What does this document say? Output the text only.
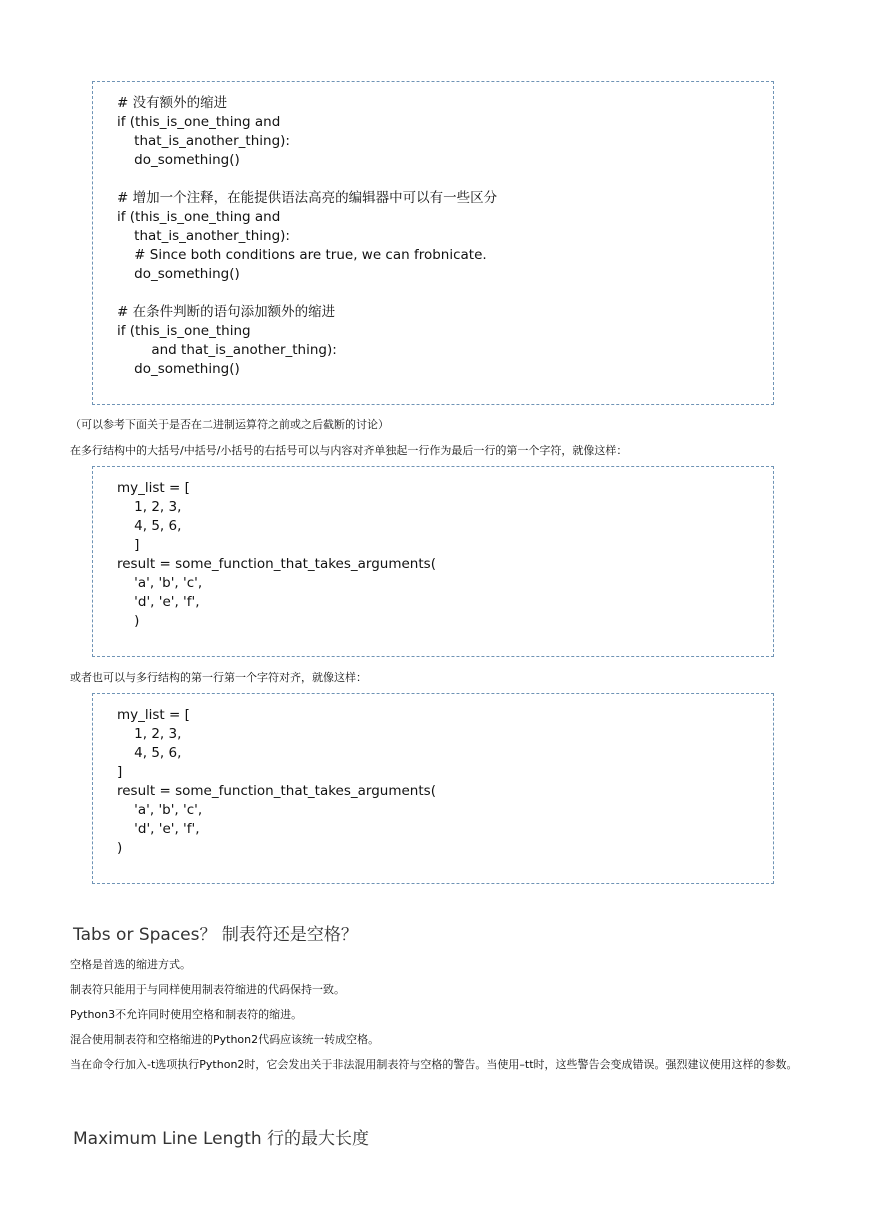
# 没有额外的缩进
if (this_is_one_thing and
that_is_another_thing):
do_something()
# 增加一个注释，在能提供语法高亮的编辑器中可以有一些区分
if (this_is_one_thing and
that_is_another_thing):
# Since both conditions are true, we can frobnicate.
do_something()
# 在条件判断的语句添加额外的缩进
if (this_is_one_thing
and that_is_another_thing):
do_something()
（可以参考下面关于是否在二进制运算符之前或之后截断的讨论）
在多行结构中的大括号/中括号/小括号的右括号可以与内容对齐单独起一行作为最后一行的第一个字符，就像这样：
my_list = [
1, 2, 3,
4, 5, 6,
]
result = some_function_that_takes_arguments(
'a', 'b', 'c',
'd', 'e', 'f',
)
或者也可以与多行结构的第一行第一个字符对齐，就像这样：
my_list = [
1, 2, 3,
4, 5, 6,
]
result = some_function_that_takes_arguments(
'a', 'b', 'c',
'd', 'e', 'f',
)
Tabs or Spaces？ 制表符还是空格？

空格是首选的缩进方式。

制表符只能用于与同样使用制表符缩进的代码保持一致。

Python3不允许同时使用空格和制表符的缩进。

混合使用制表符和空格缩进的Python2代码应该统一转成空格。

当在命令行加入-t选项执行Python2时，它会发出关于非法混用制表符与空格的警告。当使用–tt时，这些警告会变成错误。强烈建议使用这样的参数。

Maximum Line Length 行的最大长度
